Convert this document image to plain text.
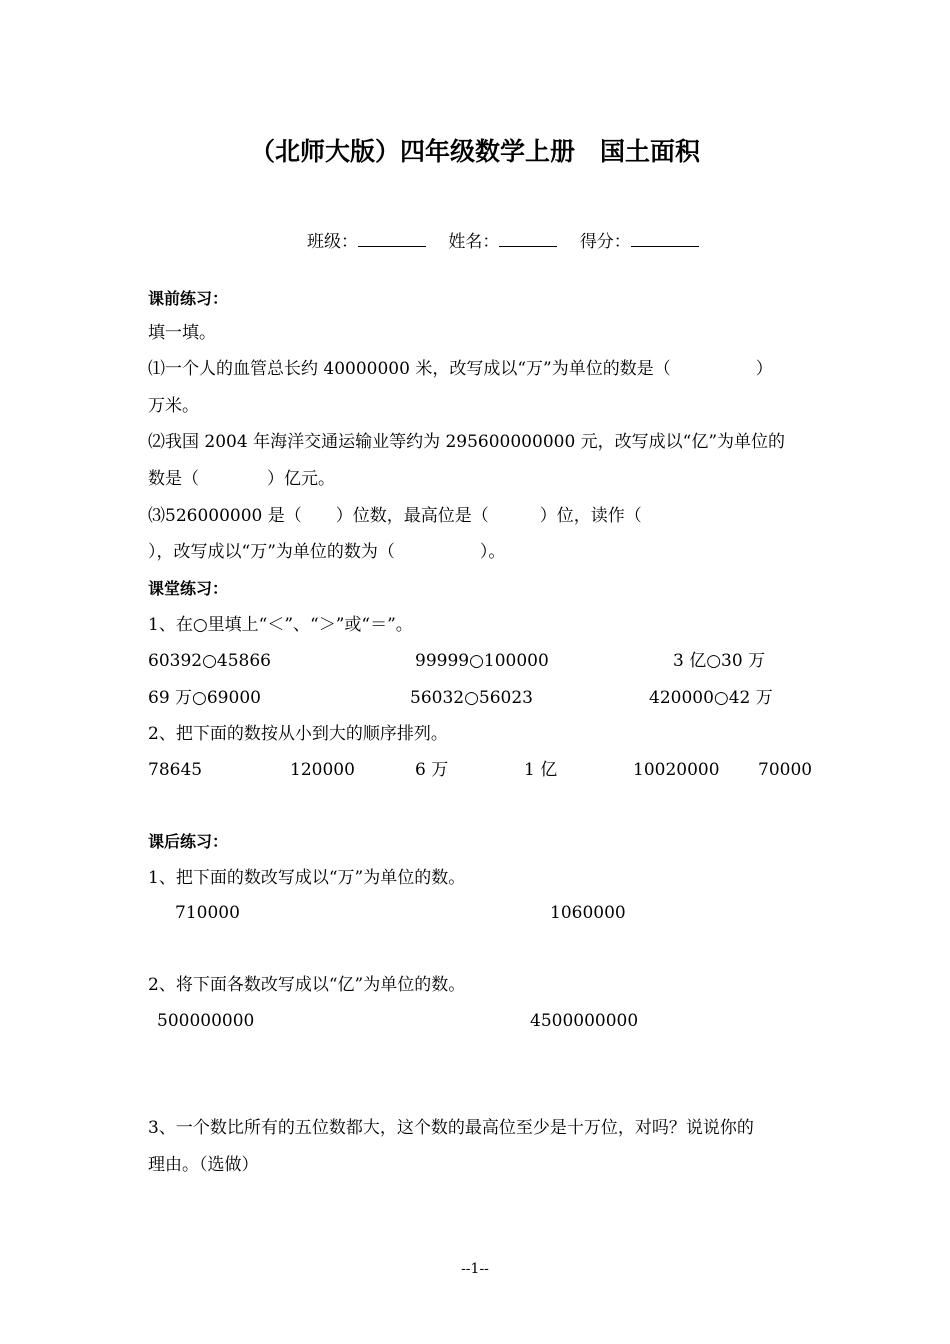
（北师大版）四年级数学上册　国土面积
班级：　	姓名：　	得分：
课前练习：
填一填。
⑴一个人的血管总长约 40000000 米，改写成以“万”为单位的数是（　　　　　）
万米。
⑵我国 2004 年海洋交通运输业等约为 295600000000 元，改写成以“亿”为单位的
数是（　　　　）亿元。
⑶526000000 是（　　）位数，最高位是（　　　）位，读作（
），改写成以“万”为单位的数为（　　　　　）。
课堂练习：
1、在○里填上“＜”、“＞”或“＝”。
60392○45866	99999○100000	3 亿○30 万
69 万○69000	56032○56023	420000○42 万
2、把下面的数按从小到大的顺序排列。
78645	120000	6 万	1 亿	10020000 70000
课后练习：
1、把下面的数改写成以“万”为单位的数。
710000	1060000
2、将下面各数改写成以“亿”为单位的数。
500000000	4500000000
3、一个数比所有的五位数都大，这个数的最高位至少是十万位，对吗？说说你的
理由。（选做）
--1--
